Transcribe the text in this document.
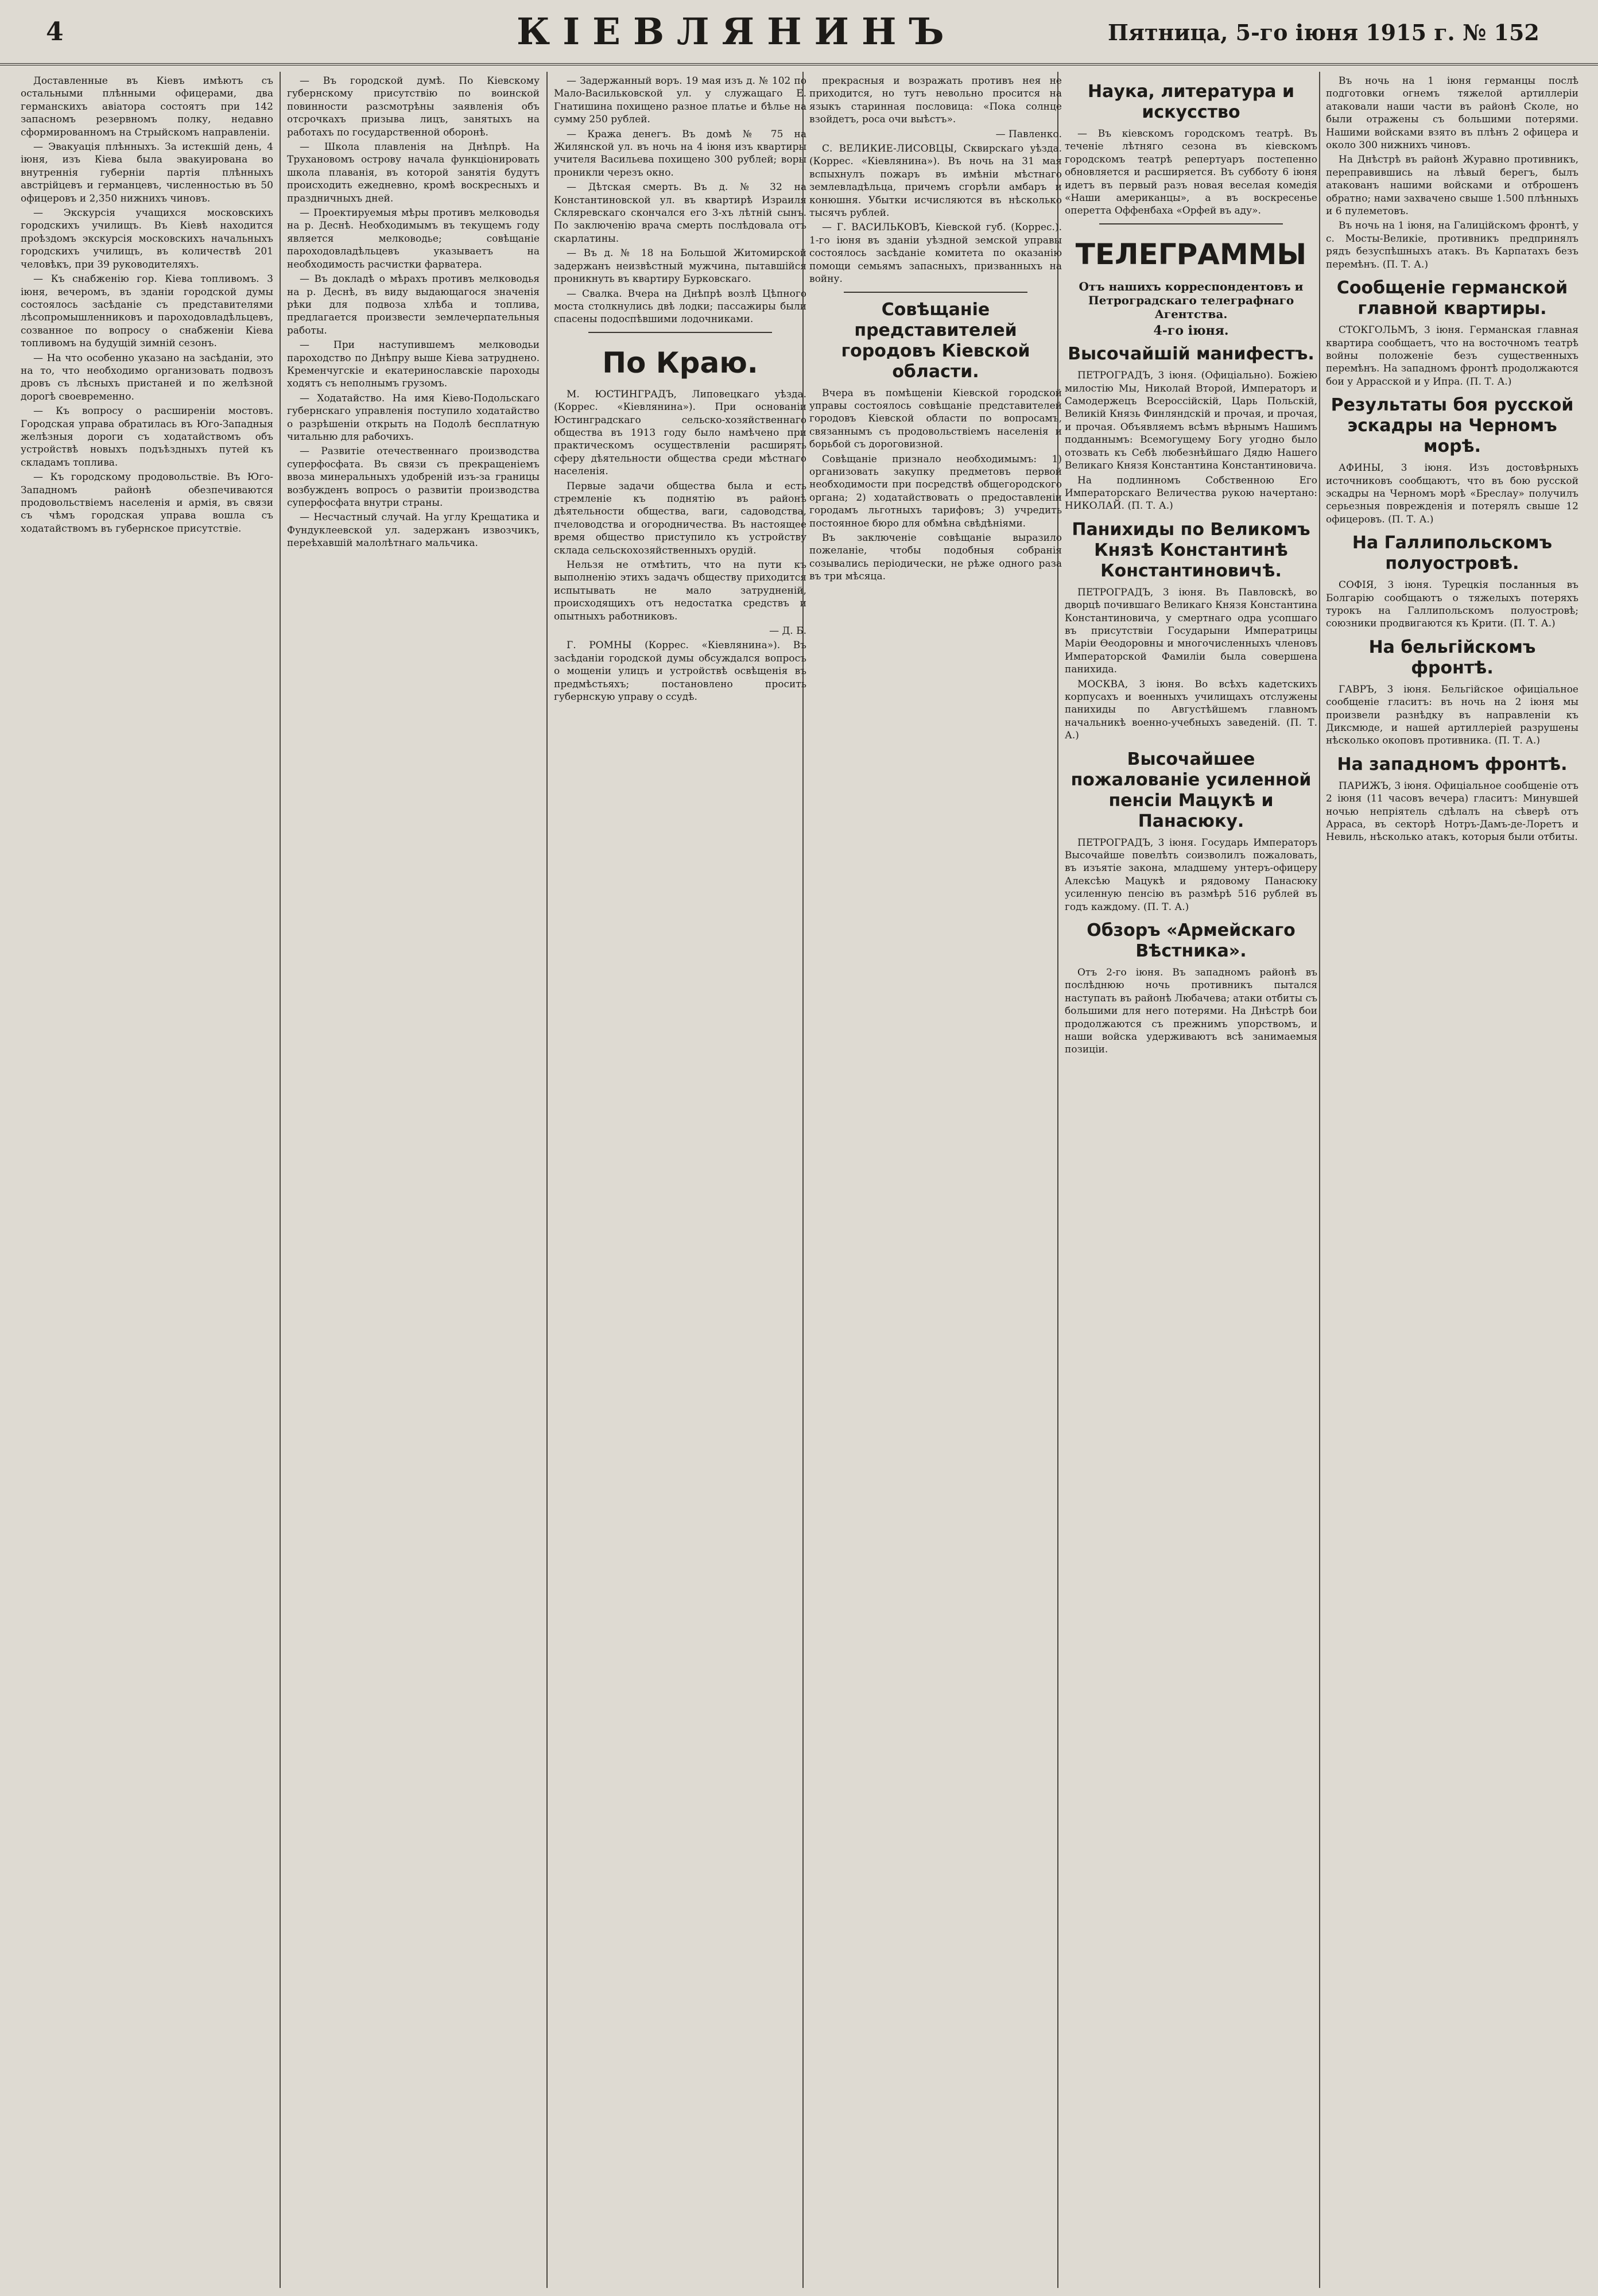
4	КІЕВЛЯНИНЪ	Пятница, 5-го іюня 1915 г. № 152

Доставленные въ Кіевъ имѣютъ съ остальными плѣнными офицерами, два германскихъ авіатора состоятъ при 142 запасномъ резервномъ полку, недавно сформированномъ на Стрыйскомъ направленіи.

— Эвакуація плѣнныхъ. За истекшій день, 4 іюня, изъ Кіева была эвакуирована во внутреннія губерніи партія плѣнныхъ австрійцевъ и германцевъ, численностью въ 50 офицеровъ и 2,350 нижнихъ чиновъ.

— Экскурсія учащихся московскихъ городскихъ училищъ. Въ Кіевѣ находится проѣздомъ экскурсія московскихъ начальныхъ городскихъ училищъ, въ количествѣ 201 человѣкъ, при 39 руководителяхъ.

— Къ снабженію гор. Кіева топливомъ. 3 іюня, вечеромъ, въ зданіи городской думы состоялось засѣданіе съ представителями лѣсопромышленниковъ и пароходовладѣльцевъ, созванное по вопросу о снабженіи Кіева топливомъ на будущій зимній сезонъ.

— На что особенно указано на засѣданіи, это на то, что необходимо организовать подвозъ дровъ съ лѣсныхъ пристаней и по желѣзной дорогѣ своевременно.

— Къ вопросу о расширеніи мостовъ. Городская управа обратилась въ Юго-Западныя желѣзныя дороги съ ходатайствомъ объ устройствѣ новыхъ подъѣздныхъ путей къ складамъ топлива.

— Къ городскому продовольствіе. Въ Юго-Западномъ районѣ обезпечиваются продовольствіемъ населенія и армія, въ связи съ чѣмъ городская управа вошла съ ходатайствомъ въ губернское присутствіе.

— Въ городской думѣ. По Кіевскому губернскому присутствію по воинской повинности разсмотрѣны заявленія объ отсрочкахъ призыва лицъ, занятыхъ на работахъ по государственной оборонѣ.

— Школа плавленія на Днѣпрѣ. На Трухановомъ острову начала функціонировать школа плаванія, въ которой занятія будутъ происходить ежедневно, кромѣ воскресныхъ и праздничныхъ дней.

— Проектируемыя мѣры противъ мелководья на р. Деснѣ. Необходимымъ въ текущемъ году является мелководье; совѣщаніе пароходовладѣльцевъ указываетъ на необходимость расчистки фарватера.

— Въ докладѣ о мѣрахъ противъ мелководья на р. Деснѣ, въ виду выдающагося значенія рѣки для подвоза хлѣба и топлива, предлагается произвести землечерпательныя работы.

— При наступившемъ мелководьи пароходство по Днѣпру выше Кіева затруднено. Кременчугскіе и екатеринославскіе пароходы ходятъ съ неполнымъ грузомъ.

— Ходатайство. На имя Кіево-Подольскаго губернскаго управленія поступило ходатайство о разрѣшеніи открыть на Подолѣ бесплатную читальню для рабочихъ.

— Развитіе отечественнаго производства суперфосфата. Въ связи съ прекращеніемъ ввоза минеральныхъ удобреній изъ-за границы возбужденъ вопросъ о развитіи производства суперфосфата внутри страны.

— Несчастный случай. На углу Крещатика и Фундуклеевской ул. задержанъ извозчикъ, переѣхавшій малолѣтнаго мальчика.

— Задержанный воръ. 19 мая изъ д. № 102 по Мало-Васильковской ул. у служащаго Е. Гнатишина похищено разное платье и бѣлье на сумму 250 рублей.

— Кража денегъ. Въ домѣ № 75 на Жилянской ул. въ ночь на 4 іюня изъ квартиры учителя Васильева похищено 300 рублей; воры проникли черезъ окно.

— Дѣтская смерть. Въ д. № 32 на Константиновской ул. въ квартирѣ Израиля Скляревскаго скончался его 3-хъ лѣтній сынъ. По заключенію врача смерть послѣдовала отъ скарлатины.

— Въ д. № 18 на Большой Житомирской задержанъ неизвѣстный мужчина, пытавшійся проникнуть въ квартиру Бурковскаго.

— Свалка. Вчера на Днѣпрѣ возлѣ Цѣпного моста столкнулись двѣ лодки; пассажиры были спасены подоспѣвшими лодочниками.

По Краю.

М. ЮСТИНГРАДЪ, Липовецкаго уѣзда. (Коррес. «Кіевлянина»). При основаніи Юстинградскаго сельско-хозяйственнаго общества въ 1913 году было намѣчено при практическомъ осуществленіи расширять сферу дѣятельности общества среди мѣстнаго населенія.

Первые задачи общества была и есть стремленіе къ поднятію въ районѣ дѣятельности общества, ваги, садоводства, пчеловодства и огородничества. Въ настоящее время общество приступило къ устройству склада сельскохозяйственныхъ орудій.

Нельзя не отмѣтить, что на пути къ выполненію этихъ задачъ обществу приходится испытывать не мало затрудненій, происходящихъ отъ недостатка средствъ и опытныхъ работниковъ.

— Д. Б.

Г. РОМНЫ (Коррес. «Кіевлянина»). Въ засѣданіи городской думы обсуждался вопросъ о мощеніи улицъ и устройствѣ освѣщенія въ предмѣстьяхъ; постановлено просить губернскую управу о ссудѣ.

прекрасныя и возражать противъ нея не приходится, но тутъ невольно просится на языкъ старинная пословица: «Пока солнце взойдетъ, роса очи выѣстъ».

— Павленко.

С. ВЕЛИКИЕ-ЛИСОВЦЫ, Сквирскаго уѣзда. (Коррес. «Кіевлянина»). Въ ночь на 31 мая вспыхнулъ пожаръ въ имѣніи мѣстнаго землевладѣльца, причемъ сгорѣли амбаръ и конюшня. Убытки исчисляются въ нѣсколько тысячъ рублей.

— Г. ВАСИЛЬКОВЪ, Кіевской губ. (Коррес.). 1-го іюня въ зданіи уѣздной земской управы состоялось засѣданіе комитета по оказанію помощи семьямъ запасныхъ, призванныхъ на войну.

Совѣщаніе представителей городовъ Кіевской области.

Вчера въ помѣщеніи Кіевской городской управы состоялось совѣщаніе представителей городовъ Кіевской области по вопросамъ, связаннымъ съ продовольствіемъ населенія и борьбой съ дороговизной.

Совѣщаніе признало необходимымъ: 1) организовать закупку предметовъ первой необходимости при посредствѣ общегородского органа; 2) ходатайствовать о предоставленіи городамъ льготныхъ тарифовъ; 3) учредить постоянное бюро для обмѣна свѣдѣніями.

Въ заключеніе совѣщаніе выразило пожеланіе, чтобы подобныя собранія созывались періодически, не рѣже одного раза въ три мѣсяца.

Наука, литература и искусство

— Въ кіевскомъ городскомъ театрѣ. Въ теченіе лѣтняго сезона въ кіевскомъ городскомъ театрѣ репертуаръ постепенно обновляется и расширяется. Въ субботу 6 іюня идетъ въ первый разъ новая веселая комедія «Наши американцы», а въ воскресенье оперетта Оффенбаха «Орфей въ аду».

ТЕЛЕГРАММЫ
Отъ нашихъ корреспондентовъ и Петроградскаго телеграфнаго Агентства.
4-го іюня.
Высочайшій манифестъ.

ПЕТРОГРАДЪ, 3 іюня. (Офиціально). Божіею милостію Мы, Николай Второй, Императоръ и Самодержецъ Всероссійскій, Царь Польскій, Великій Князь Финляндскій и прочая, и прочая, и прочая. Объявляемъ всѣмъ вѣрнымъ Нашимъ подданнымъ: Всемогущему Богу угодно было отозвать къ Себѣ любезнѣйшаго Дядю Нашего Великаго Князя Константина Константиновича.

На подлинномъ Собственною Его Императорскаго Величества рукою начертано: НИКОЛАЙ. (П. Т. А.)

Панихиды по Великомъ Князѣ Константинѣ Константиновичѣ.

ПЕТРОГРАДЪ, 3 іюня. Въ Павловскѣ, во дворцѣ почившаго Великаго Князя Константина Константиновича, у смертнаго одра усопшаго въ присутствіи Государыни Императрицы Маріи Өеодоровны и многочисленныхъ членовъ Императорской Фамиліи была совершена панихида.

МОСКВА, 3 іюня. Во всѣхъ кадетскихъ корпусахъ и военныхъ училищахъ отслужены панихиды по Августѣйшемъ главномъ начальникѣ военно-учебныхъ заведеній. (П. Т. А.)

Высочайшее пожалованіе усиленной пенсіи Мацукѣ и Панасюку.

ПЕТРОГРАДЪ, 3 іюня. Государь Императоръ Высочайше повелѣть соизволилъ пожаловать, въ изъятіе закона, младшему унтеръ-офицеру Алексѣю Мацукѣ и рядовому Панасюку усиленную пенсію въ размѣрѣ 516 рублей въ годъ каждому. (П. Т. А.)

Обзоръ «Армейскаго Вѣстника».

Отъ 2-го іюня. Въ западномъ районѣ въ послѣднюю ночь противникъ пытался наступать въ районѣ Любачева; атаки отбиты съ большими для него потерями. На Днѣстрѣ бои продолжаются съ прежнимъ упорствомъ, и наши войска удерживаютъ всѣ занимаемыя позиціи.

Въ ночь на 1 іюня германцы послѣ подготовки огнемъ тяжелой артиллеріи атаковали наши части въ районѣ Сколе, но были отражены съ большими потерями. Нашими войсками взято въ плѣнъ 2 офицера и около 300 нижнихъ чиновъ.

На Днѣстрѣ въ районѣ Журавно противникъ, переправившись на лѣвый берегъ, былъ атакованъ нашими войсками и отброшенъ обратно; нами захвачено свыше 1.500 плѣнныхъ и 6 пулеметовъ.

Въ ночь на 1 іюня, на Галиційскомъ фронтѣ, у с. Мосты-Великіе, противникъ предпринялъ рядъ безуспѣшныхъ атакъ. Въ Карпатахъ безъ перемѣнъ. (П. Т. А.)

Сообщеніе германской главной квартиры.

СТОКГОЛЬМЪ, 3 іюня. Германская главная квартира сообщаетъ, что на восточномъ театрѣ войны положеніе безъ существенныхъ перемѣнъ. На западномъ фронтѣ продолжаются бои у Аррасской и у Ипра. (П. Т. А.)

Результаты боя русской эскадры на Черномъ морѣ.

АФИНЫ, 3 іюня. Изъ достовѣрныхъ источниковъ сообщаютъ, что въ бою русской эскадры на Черномъ морѣ «Бреслау» получилъ серьезныя поврежденія и потерялъ свыше 12 офицеровъ. (П. Т. А.)

На Галлипольскомъ полуостровѣ.

СОФІЯ, 3 іюня. Турецкія посланныя въ Болгарію сообщаютъ о тяжелыхъ потеряхъ турокъ на Галлипольскомъ полуостровѣ; союзники продвигаются къ Крити. (П. Т. А.)

На бельгійскомъ фронтѣ.

ГАВРЪ, 3 іюня. Бельгійское офиціальное сообщеніе гласитъ: въ ночь на 2 іюня мы произвели разнѣдку въ направленіи къ Диксмюде, и нашей артиллеріей разрушены нѣсколько окоповъ противника. (П. Т. А.)

На западномъ фронтѣ.

ПАРИЖЪ, 3 іюня. Офиціальное сообщеніе отъ 2 іюня (11 часовъ вечера) гласитъ: Минувшей ночью непріятель сдѣлалъ на сѣверѣ отъ Арраса, въ секторѣ Нотръ-Дамъ-де-Лоретъ и Невиль, нѣсколько атакъ, которыя были отбиты.
